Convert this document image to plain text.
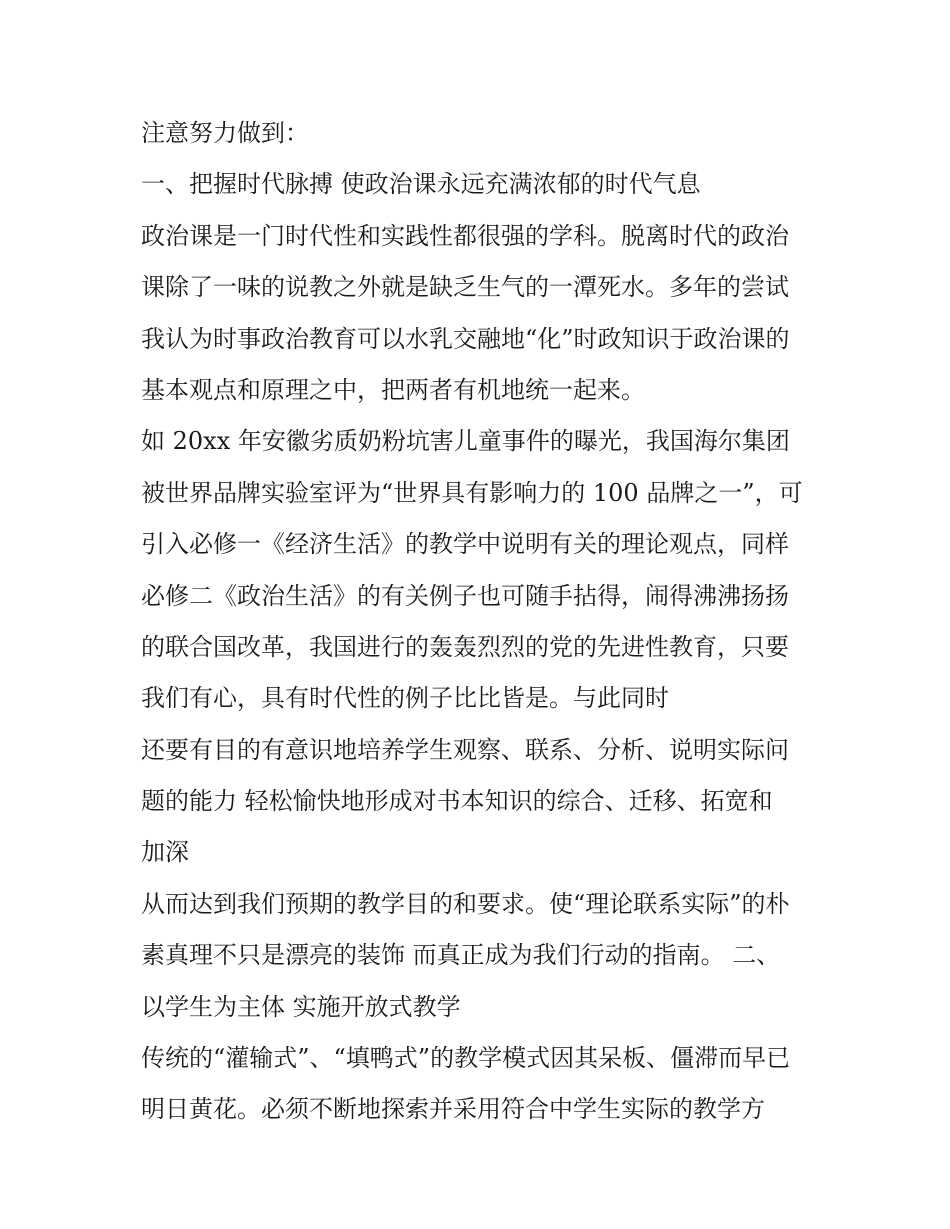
注意努力做到：
一、把握时代脉搏 使政治课永远充满浓郁的时代气息
政治课是一门时代性和实践性都很强的学科。脱离时代的政治
课除了一味的说教之外就是缺乏生气的一潭死水。多年的尝试
我认为时事政治教育可以水乳交融地“化”时政知识于政治课的
基本观点和原理之中，把两者有机地统一起来。
如 20xx 年安徽劣质奶粉坑害儿童事件的曝光，我国海尔集团
被世界品牌实验室评为“世界具有影响力的 100 品牌之一”，可
引入必修一《经济生活》的教学中说明有关的理论观点，同样
必修二《政治生活》的有关例子也可随手拈得，闹得沸沸扬扬
的联合国改革，我国进行的轰轰烈烈的党的先进性教育，只要
我们有心，具有时代性的例子比比皆是。与此同时
还要有目的有意识地培养学生观察、联系、分析、说明实际问
题的能力 轻松愉快地形成对书本知识的综合、迁移、拓宽和
加深
从而达到我们预期的教学目的和要求。使“理论联系实际”的朴
素真理不只是漂亮的装饰 而真正成为我们行动的指南。 二、
以学生为主体 实施开放式教学
传统的“灌输式”、“填鸭式”的教学模式因其呆板、僵滞而早已
明日黄花。必须不断地探索并采用符合中学生实际的教学方
